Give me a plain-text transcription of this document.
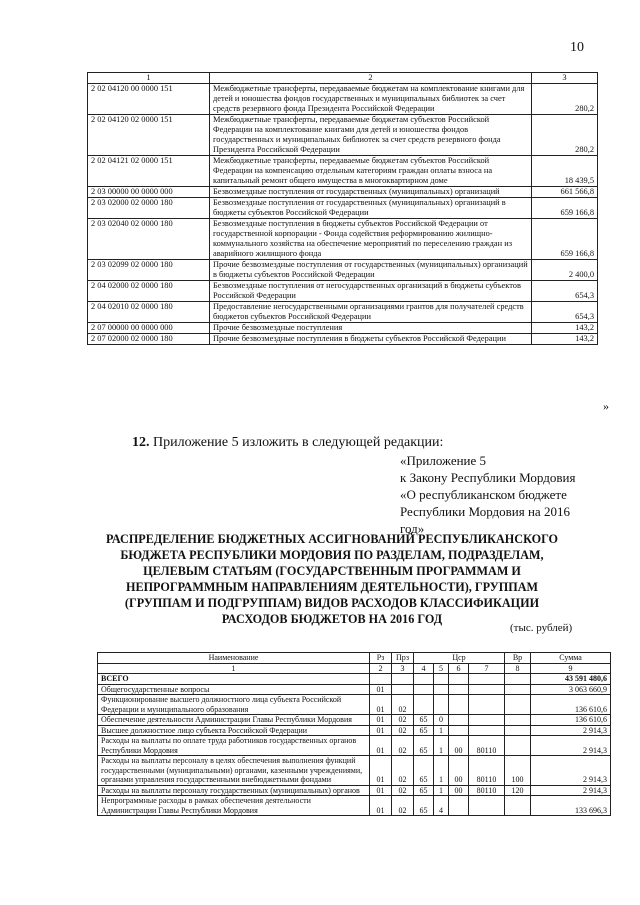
10
1	2	3
2 02 04120 00 0000 151	Межбюджетные трансферты, передаваемые бюджетам на комплектование книгами для детей и юношества фондов государственных и муниципальных библиотек за счет средств резервного фонда Президента Российской Федерации	280,2
2 02 04120 02 0000 151	Межбюджетные трансферты, передаваемые бюджетам субъектов Российской Федерации на комплектование книгами для детей и юношества фондов государственных и муниципальных библиотек за счет средств резервного фонда Президента Российской Федерации	280,2
2 02 04121 02 0000 151	Межбюджетные трансферты, передаваемые бюджетам субъектов Российской Федерации на компенсацию отдельным категориям граждан оплаты взноса на капитальный ремонт общего имущества в многоквартирном доме	18 439,5
2 03 00000 00 0000 000	Безвозмездные поступления от государственных (муниципальных) организаций	661 566,8
2 03 02000 02 0000 180	Безвозмездные поступления от государственных (муниципальных) организаций в бюджеты субъектов Российской Федерации	659 166,8
2 03 02040 02 0000 180	Безвозмездные поступления в бюджеты субъектов Российской Федерации от государственной корпорации - Фонда содействия реформированию жилищно-коммунального хозяйства на обеспечение мероприятий по переселению граждан из аварийного жилищного фонда	659 166,8
2 03 02099 02 0000 180	Прочие безвозмездные поступления от государственных (муниципальных) организаций в бюджеты субъектов Российской Федерации	2 400,0
2 04 02000 02 0000 180	Безвозмездные поступления от негосударственных организаций в бюджеты субъектов Российской Федерации	654,3
2 04 02010 02 0000 180	Предоставление негосударственными организациями грантов для получателей средств бюджетов субъектов Российской Федерации	654,3
2 07 00000 00 0000 000	Прочие безвозмездные поступления	143,2
2 07 02000 02 0000 180	Прочие безвозмездные поступления в бюджеты субъектов Российской Федерации	143,2
»
12. Приложение 5 изложить в следующей редакции:
«Приложение 5
к Закону Республики Мордовия
«О республиканском бюджете
Республики Мордовия на 2016
год»
РАСПРЕДЕЛЕНИЕ БЮДЖЕТНЫХ АССИГНОВАНИЙ РЕСПУБЛИКАНСКОГО БЮДЖЕТА РЕСПУБЛИКИ МОРДОВИЯ ПО РАЗДЕЛАМ, ПОДРАЗДЕЛАМ, ЦЕЛЕВЫМ СТАТЬЯМ (ГОСУДАРСТВЕННЫМ ПРОГРАММАМ И НЕПРОГРАММНЫМ НАПРАВЛЕНИЯМ ДЕЯТЕЛЬНОСТИ), ГРУППАМ (ГРУППАМ И ПОДГРУППАМ) ВИДОВ РАСХОДОВ КЛАССИФИКАЦИИ РАСХОДОВ БЮДЖЕТОВ НА 2016 ГОД
(тыс. рублей)
Наименование	Рз	Прз	Цср				Вр	Сумма
1	2	3	4	5	6	7	8	9
ВСЕГО								43 591 480,6
Общегосударственные вопросы	01							3 063 660,9
Функционирование высшего должностного лица субъекта Российской Федерации и муниципального образования	01	02						136 610,6
Обеспечение деятельности Администрации Главы Республики Мордовия	01	02	65	0				136 610,6
Высшее должностное лицо субъекта Российской Федерации	01	02	65	1				2 914,3
Расходы на выплаты по оплате труда работников государственных органов Республики Мордовия	01	02	65	1	00	80110		2 914,3
Расходы на выплаты персоналу в целях обеспечения выполнения функций государственными (муниципальными) органами, казенными учреждениями, органами управления государственными внебюджетными фондами	01	02	65	1	00	80110	100	2 914,3
Расходы на выплаты персоналу государственных (муниципальных) органов	01	02	65	1	00	80110	120	2 914,3
Непрограммные расходы в рамках обеспечения деятельности Администрации Главы Республики Мордовия	01	02	65	4				133 696,3
